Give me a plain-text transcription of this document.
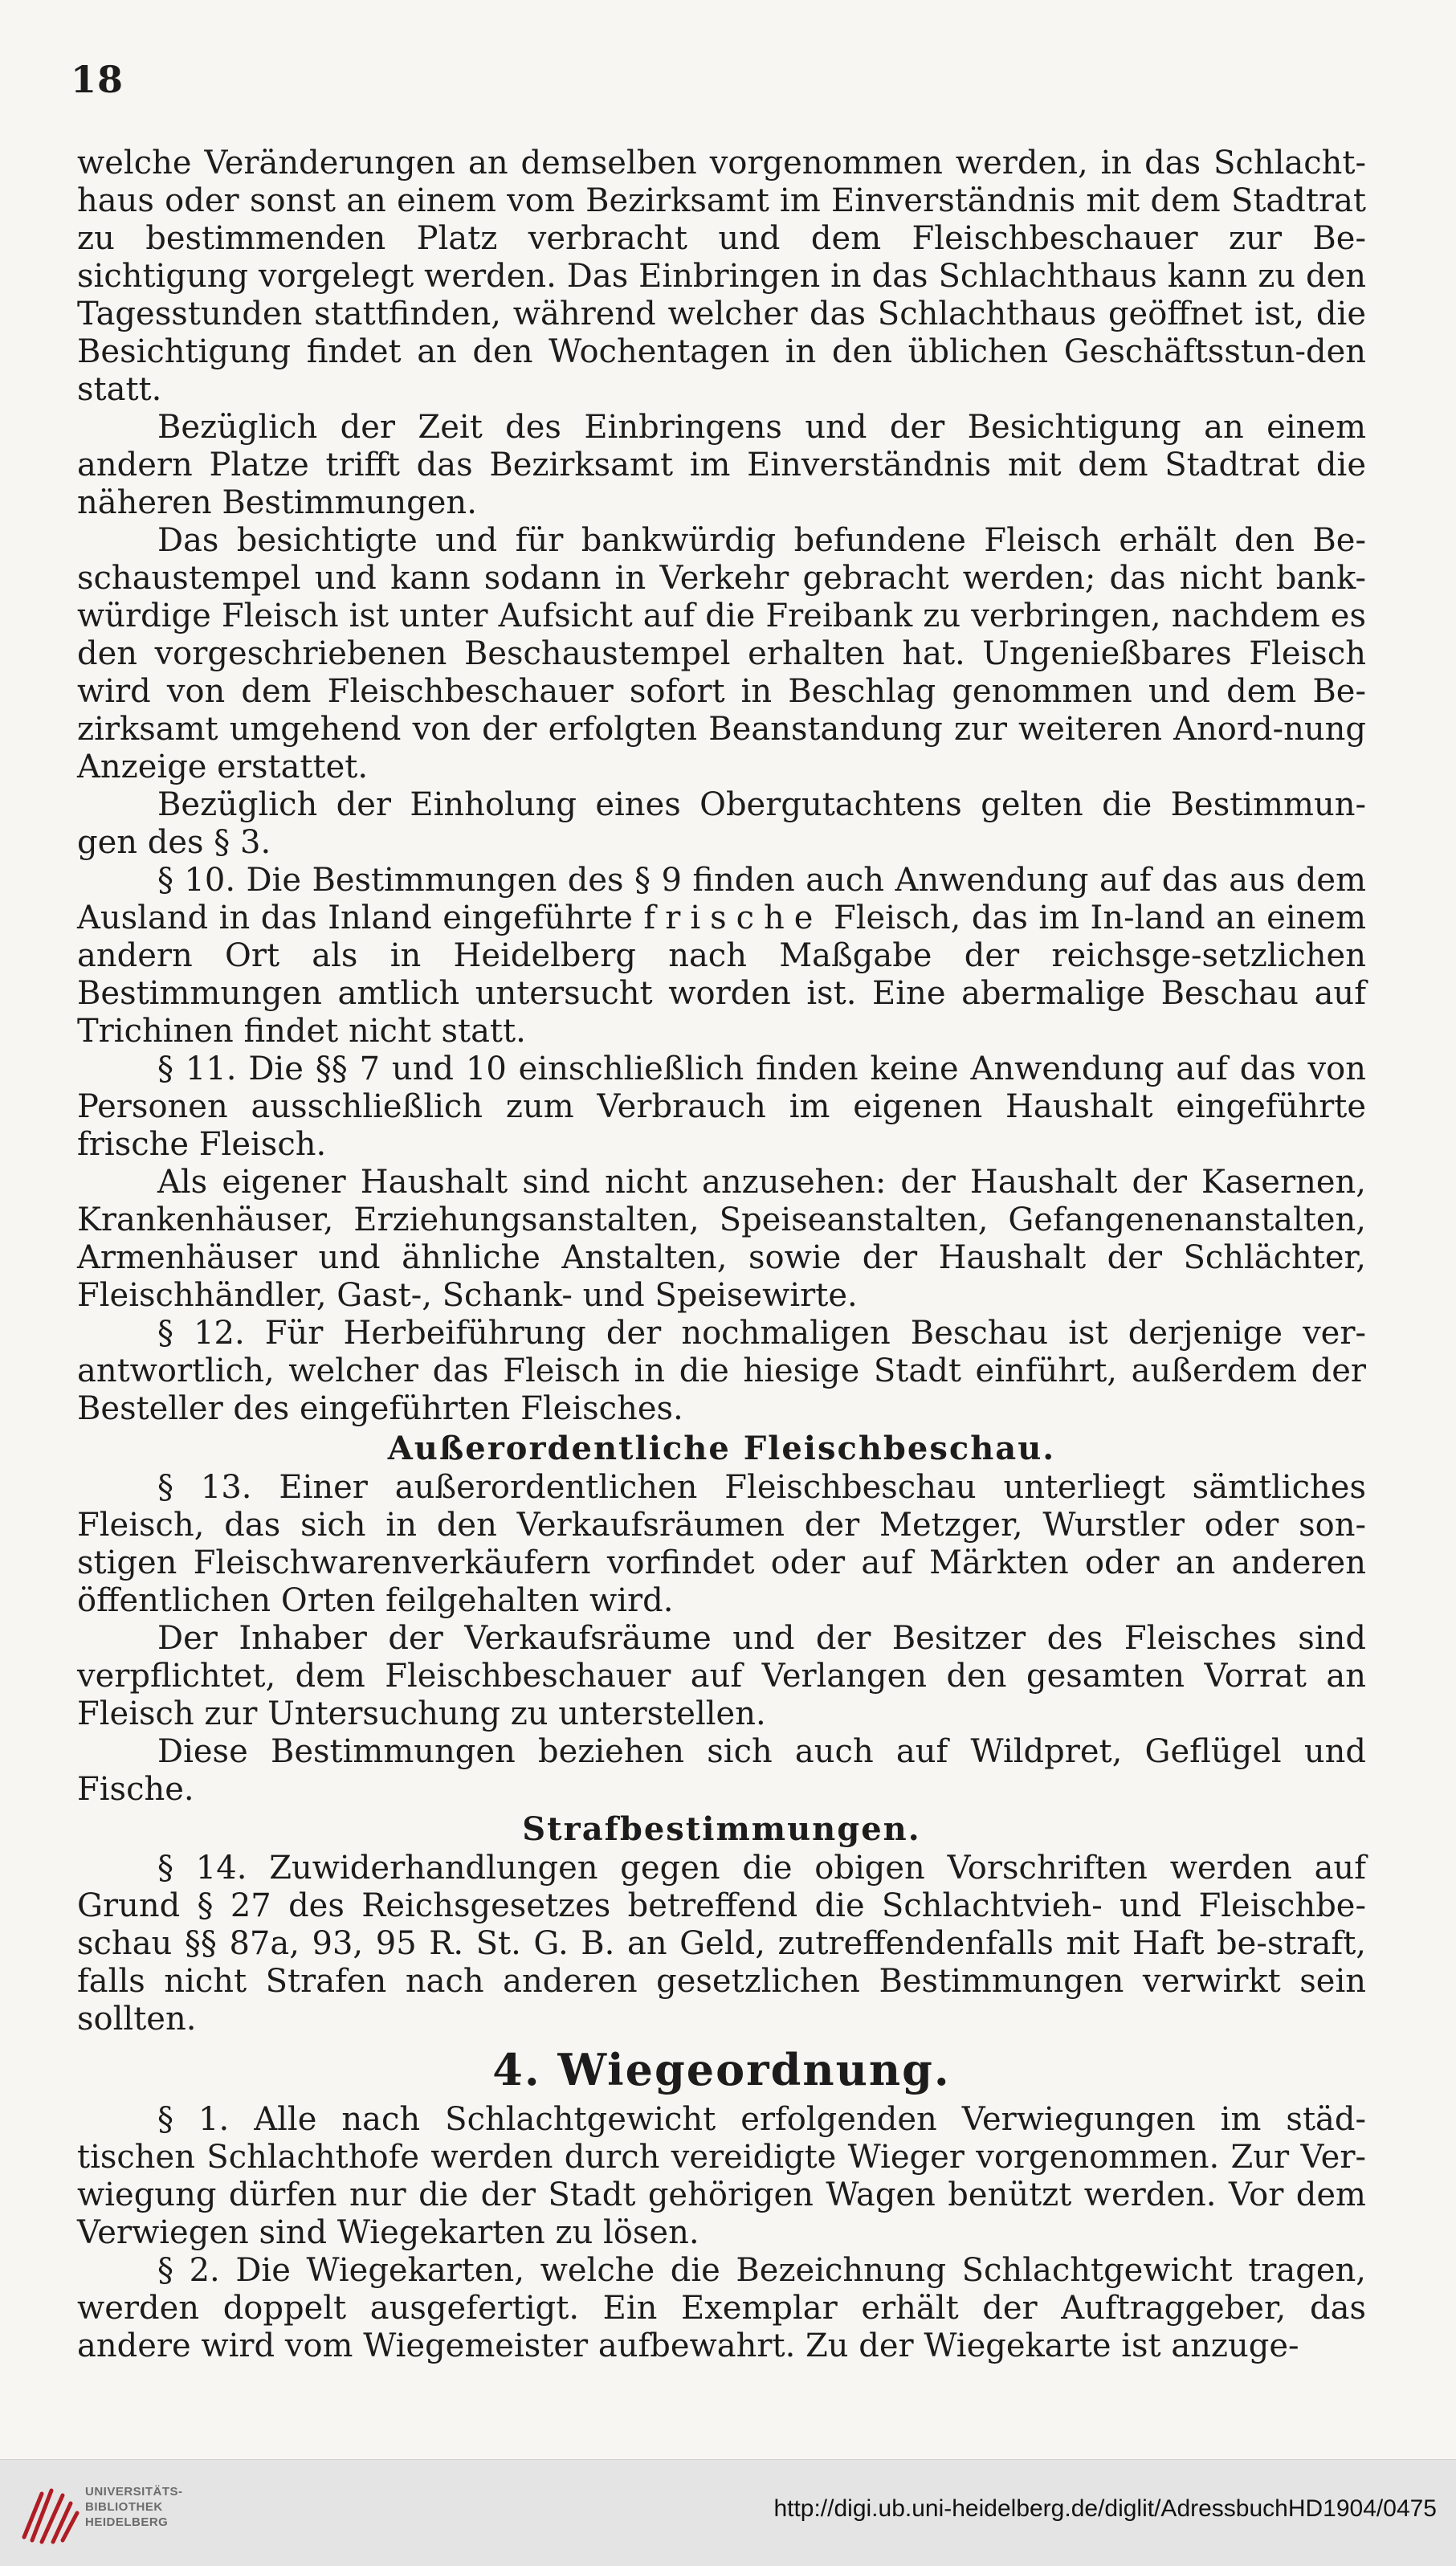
18

welche Veränderungen an demselben vorgenommen werden, in das Schlacht-haus oder sonst an einem vom Bezirksamt im Einverständnis mit dem Stadtrat zu bestimmenden Platz verbracht und dem Fleischbeschauer zur Be-sichtigung vorgelegt werden. Das Einbringen in das Schlachthaus kann zu den Tagesstunden stattfinden, während welcher das Schlachthaus geöffnet ist, die Besichtigung findet an den Wochentagen in den üblichen Geschäftsstun-den statt.

Bezüglich der Zeit des Einbringens und der Besichtigung an einem andern Platze trifft das Bezirksamt im Einverständnis mit dem Stadtrat die näheren Bestimmungen.

Das besichtigte und für bankwürdig befundene Fleisch erhält den Be-schaustempel und kann sodann in Verkehr gebracht werden; das nicht bank-würdige Fleisch ist unter Aufsicht auf die Freibank zu verbringen, nachdem es den vorgeschriebenen Beschaustempel erhalten hat. Ungenießbares Fleisch wird von dem Fleischbeschauer sofort in Beschlag genommen und dem Be-zirksamt umgehend von der erfolgten Beanstandung zur weiteren Anord-nung Anzeige erstattet.

Bezüglich der Einholung eines Obergutachtens gelten die Bestimmun-gen des § 3.

§ 10. Die Bestimmungen des § 9 finden auch Anwendung auf das aus dem Ausland in das Inland eingeführte frische Fleisch, das im In-land an einem andern Ort als in Heidelberg nach Maßgabe der reichsge-setzlichen Bestimmungen amtlich untersucht worden ist. Eine abermalige Beschau auf Trichinen findet nicht statt.

§ 11. Die §§ 7 und 10 einschließlich finden keine Anwendung auf das von Personen ausschließlich zum Verbrauch im eigenen Haushalt eingeführte frische Fleisch.

Als eigener Haushalt sind nicht anzusehen: der Haushalt der Kasernen, Krankenhäuser, Erziehungsanstalten, Speiseanstalten, Gefangenenanstalten, Armenhäuser und ähnliche Anstalten, sowie der Haushalt der Schlächter, Fleischhändler, Gast-, Schank- und Speisewirte.

§ 12. Für Herbeiführung der nochmaligen Beschau ist derjenige ver-antwortlich, welcher das Fleisch in die hiesige Stadt einführt, außerdem der Besteller des eingeführten Fleisches.

Außerordentliche Fleischbeschau.

§ 13. Einer außerordentlichen Fleischbeschau unterliegt sämtliches Fleisch, das sich in den Verkaufsräumen der Metzger, Wurstler oder son-stigen Fleischwarenverkäufern vorfindet oder auf Märkten oder an anderen öffentlichen Orten feilgehalten wird.

Der Inhaber der Verkaufsräume und der Besitzer des Fleisches sind verpflichtet, dem Fleischbeschauer auf Verlangen den gesamten Vorrat an Fleisch zur Untersuchung zu unterstellen.

Diese Bestimmungen beziehen sich auch auf Wildpret, Geflügel und Fische.

Strafbestimmungen.

§ 14. Zuwiderhandlungen gegen die obigen Vorschriften werden auf Grund § 27 des Reichsgesetzes betreffend die Schlachtvieh- und Fleischbe-schau §§ 87a, 93, 95 R. St. G. B. an Geld, zutreffendenfalls mit Haft be-straft, falls nicht Strafen nach anderen gesetzlichen Bestimmungen verwirkt sein sollten.

4. Wiegeordnung.

§ 1. Alle nach Schlachtgewicht erfolgenden Verwiegungen im städ-tischen Schlachthofe werden durch vereidigte Wieger vorgenommen. Zur Ver-wiegung dürfen nur die der Stadt gehörigen Wagen benützt werden. Vor dem Verwiegen sind Wiegekarten zu lösen.

§ 2. Die Wiegekarten, welche die Bezeichnung Schlachtgewicht tragen, werden doppelt ausgefertigt. Ein Exemplar erhält der Auftraggeber, das andere wird vom Wiegemeister aufbewahrt. Zu der Wiegekarte ist anzuge-

UNIVERSITÄTS-
BIBLIOTHEK
HEIDELBERG
http://digi.ub.uni-heidelberg.de/diglit/AdressbuchHD1904/0475
